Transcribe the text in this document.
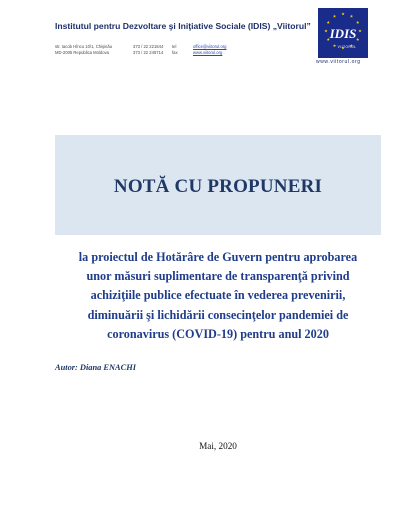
Institutul pentru Dezvoltare şi Iniţiative Sociale (IDIS) „Viitorul”
str. Iacob Hîncu 10/1, Chişinău
MD-2005 Republica Moldova
373 / 22 221844
373 / 22 245714
tel
fax
office@viitorul.org
www.viitorul.org
IDIS
VIITORUL
www.viitorul.org
NOTĂ CU PROPUNERI
la proiectul de Hotărâre de Guvern pentru aprobarea
unor măsuri suplimentare de transparenţă privind
achiziţiile publice efectuate în vederea prevenirii,
diminuării şi lichidării consecinţelor pandemiei de
coronavirus (COVID-19) pentru anul 2020
Autor: Diana ENACHI
Mai, 2020
